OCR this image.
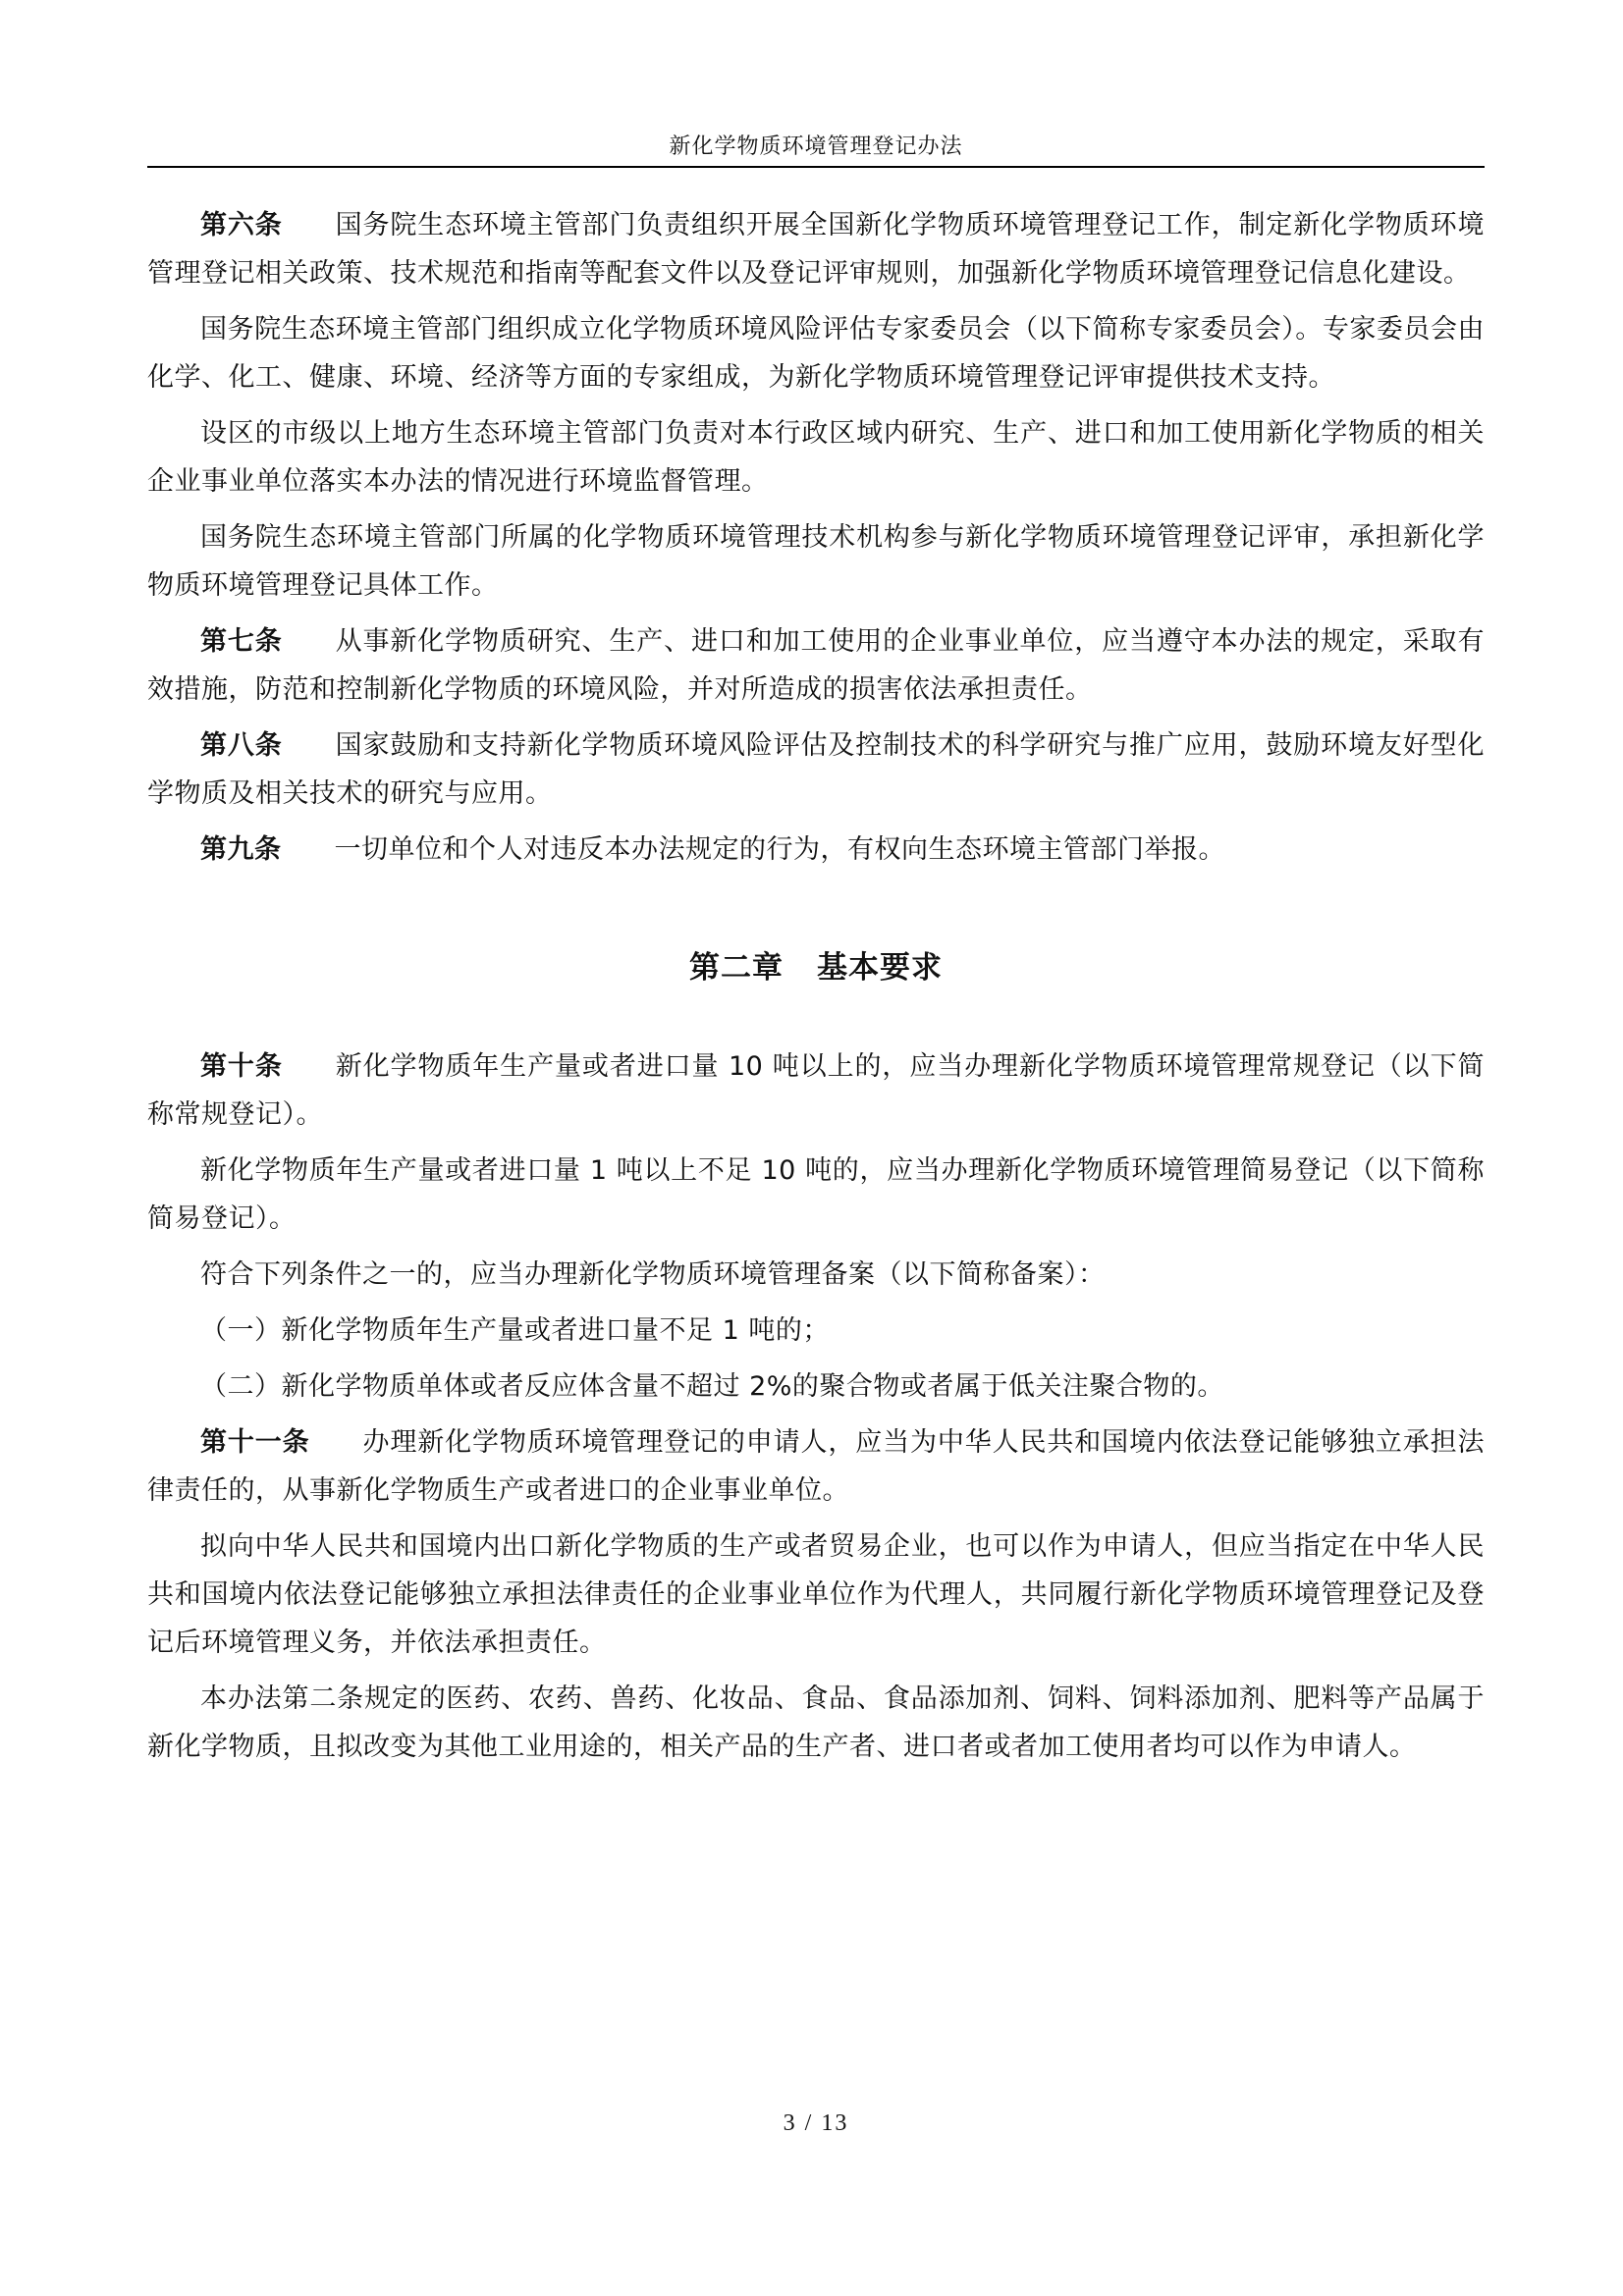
新化学物质环境管理登记办法

第六条 国务院生态环境主管部门负责组织开展全国新化学物质环境管理登记工作，制定新化学物质环境管理登记相关政策、技术规范和指南等配套文件以及登记评审规则，加强新化学物质环境管理登记信息化建设。

国务院生态环境主管部门组织成立化学物质环境风险评估专家委员会（以下简称专家委员会）。专家委员会由化学、化工、健康、环境、经济等方面的专家组成，为新化学物质环境管理登记评审提供技术支持。

设区的市级以上地方生态环境主管部门负责对本行政区域内研究、生产、进口和加工使用新化学物质的相关企业事业单位落实本办法的情况进行环境监督管理。

国务院生态环境主管部门所属的化学物质环境管理技术机构参与新化学物质环境管理登记评审，承担新化学物质环境管理登记具体工作。

第七条 从事新化学物质研究、生产、进口和加工使用的企业事业单位，应当遵守本办法的规定，采取有效措施，防范和控制新化学物质的环境风险，并对所造成的损害依法承担责任。

第八条 国家鼓励和支持新化学物质环境风险评估及控制技术的科学研究与推广应用，鼓励环境友好型化学物质及相关技术的研究与应用。

第九条 一切单位和个人对违反本办法规定的行为，有权向生态环境主管部门举报。

第二章 基本要求

第十条 新化学物质年生产量或者进口量 10 吨以上的，应当办理新化学物质环境管理常规登记（以下简称常规登记）。

新化学物质年生产量或者进口量 1 吨以上不足 10 吨的，应当办理新化学物质环境管理简易登记（以下简称简易登记）。

符合下列条件之一的，应当办理新化学物质环境管理备案（以下简称备案）：

（一）新化学物质年生产量或者进口量不足 1 吨的；

（二）新化学物质单体或者反应体含量不超过 2%的聚合物或者属于低关注聚合物的。

第十一条 办理新化学物质环境管理登记的申请人，应当为中华人民共和国境内依法登记能够独立承担法律责任的，从事新化学物质生产或者进口的企业事业单位。

拟向中华人民共和国境内出口新化学物质的生产或者贸易企业，也可以作为申请人，但应当指定在中华人民共和国境内依法登记能够独立承担法律责任的企业事业单位作为代理人，共同履行新化学物质环境管理登记及登记后环境管理义务，并依法承担责任。

本办法第二条规定的医药、农药、兽药、化妆品、食品、食品添加剂、饲料、饲料添加剂、肥料等产品属于新化学物质，且拟改变为其他工业用途的，相关产品的生产者、进口者或者加工使用者均可以作为申请人。

3 / 13
